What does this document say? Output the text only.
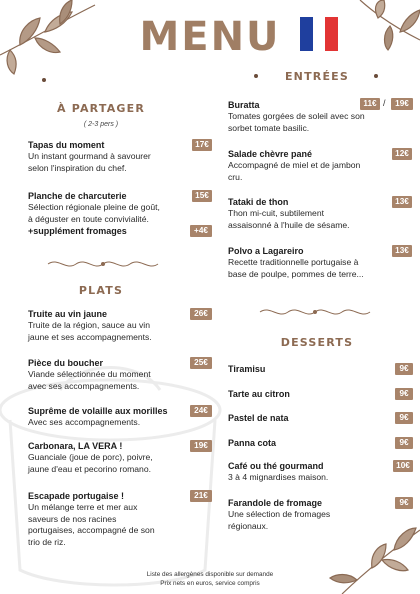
MENU
À PARTAGER
( 2-3 pers )
Tapas du moment
Un instant gourmand à savourer
selon l'inspiration du chef.
17€
Planche de charcuterie
Sélection régionale pleine de goût,
à déguster en toute convivialité.
15€
+supplément fromages	+4€
PLATS
Truite au vin jaune
Truite de la région, sauce au vin
jaune et ses accompagnements.
26€
Pièce du boucher
Viande sélectionnée du moment
avec ses accompagnements.
25€
Suprême de volaille aux morilles
Avec ses accompagnements.
24€
Carbonara, LA VERA !
Guanciale (joue de porc), poivre,
jaune d'eau et pecorino romano.
19€
Escapade portugaise !
Un mélange terre et mer aux
saveurs de nos racines
portugaises, accompagné de son
trio de riz.
21€
ENTRÉES
Buratta
Tomates gorgées de soleil avec son
sorbet tomate basilic.
11€ /	19€
Salade chèvre pané
Accompagné de miel et de jambon
cru.
12€
Tataki de thon
Thon mi-cuit, subtilement
assaisonné à l'huile de sésame.
13€
Polvo a Lagareiro
Recette traditionnelle portugaise à
base de poulpe, pommes de terre...
13€
DESSERTS
Tiramisu	9€
Tarte au citron	9€
Pastel de nata	9€
Panna cota	9€
Café ou thé gourmand
3 à 4 mignardises maison.
10€
Farandole de fromage
Une sélection de fromages
régionaux.
9€
Liste des allergènes disponible sur demande
Prix nets en euros, service compris
